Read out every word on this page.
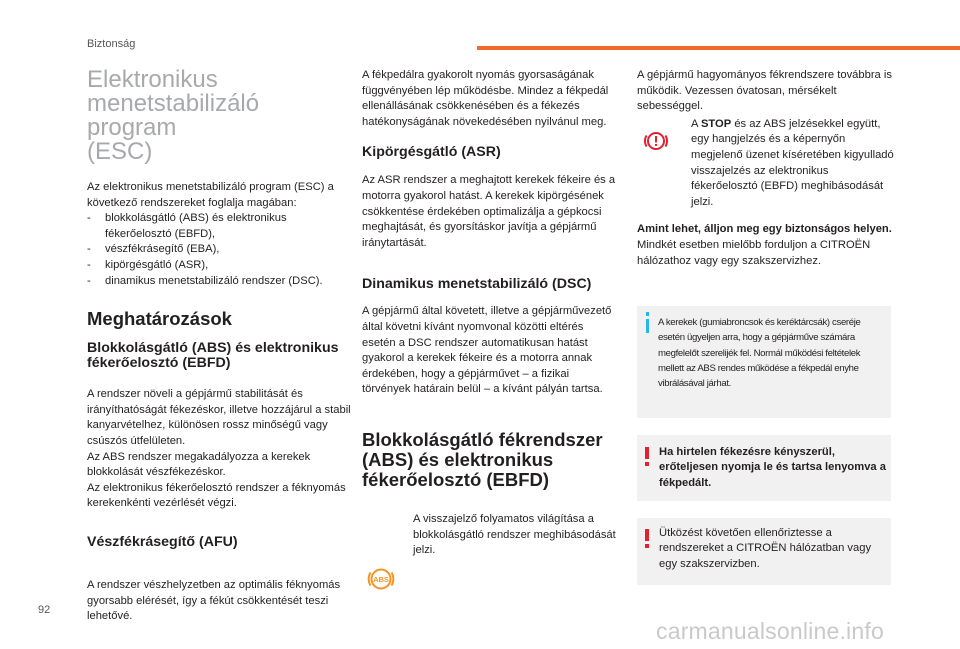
Biztonság
Elektronikus
menetstabilizáló program
(ESC)

Az elektronikus menetstabilizáló program (ESC) a következő rendszereket foglalja magában:

- blokkolásgátló (ABS) és elektronikus fékerőelosztó (EBFD),
- vészfékrásegítő (EBA),
- kipörgésgátló (ASR),
- dinamikus menetstabilizáló rendszer (DSC).
Meghatározások
Blokkolásgátló (ABS) és elektronikus fékerőelosztó (EBFD)

A rendszer növeli a gépjármű stabilitását és irányíthatóságát fékezéskor, illetve hozzájárul a stabil kanyarvételhez, különösen rossz minőségű vagy csúszós útfelületen.

Az ABS rendszer megakadályozza a kerekek blokkolását vészfékezéskor.

Az elektronikus fékerőelosztó rendszer a féknyomás kerekenkénti vezérlését végzi.

Vészfékrásegítő (AFU)

A rendszer vészhelyzetben az optimális féknyomás gyorsabb elérését, így a fékút csökkentését teszi lehetővé.

A fékpedálra gyakorolt nyomás gyorsaságának függvényében lép működésbe. Mindez a fékpedál ellenállásának csökkenésében és a fékezés hatékonyságának növekedésében nyilvánul meg.

Kipörgésgátló (ASR)

Az ASR rendszer a meghajtott kerekek fékeire és a motorra gyakorol hatást. A kerekek kipörgésének csökkentése érdekében optimalizálja a gépkocsi meghajtását, és gyorsításkor javítja a gépjármű iránytartását.

Dinamikus menetstabilizáló (DSC)

A gépjármű által követett, illetve a gépjárművezető által követni kívánt nyomvonal közötti eltérés esetén a DSC rendszer automatikusan hatást gyakorol a kerekek fékeire és a motorra annak érdekében, hogy a gépjárművet – a fizikai törvények határain belül – a kívánt pályán tartsa.

Blokkolásgátló fékrendszer (ABS) és elektronikus fékerőelosztó (EBFD)

A visszajelző folyamatos világítása a blokkolásgátló rendszer meghibásodását jelzi.

ABS

A gépjármű hagyományos fékrendszere továbbra is működik. Vezessen óvatosan, mérsékelt sebességgel.

A STOP és az ABS jelzésekkel együtt, egy hangjelzés és a képernyőn megjelenő üzenet kíséretében kigyulladó visszajelzés az elektronikus fékerőelosztó (EBFD) meghibásodását jelzi.

Amint lehet, álljon meg egy biztonságos helyen.

Mindkét esetben mielőbb forduljon a CITROËN hálózathoz vagy egy szakszervizhez.

A kerekek (gumiabroncsok és keréktárcsák) cseréje esetén ügyeljen arra, hogy a gépjárműve számára megfelelőt szerelijék fel. Normál működési feltételek mellett az ABS rendes működése a fékpedál enyhe vibrálásával járhat.
Ha hirtelen fékezésre kényszerül, erőteljesen nyomja le és tartsa lenyomva a fékpedált.
Ütközést követően ellenőriztesse a rendszereket a CITROËN hálózatban vagy egy szakszervizben.
92
carmanualsonline.info
